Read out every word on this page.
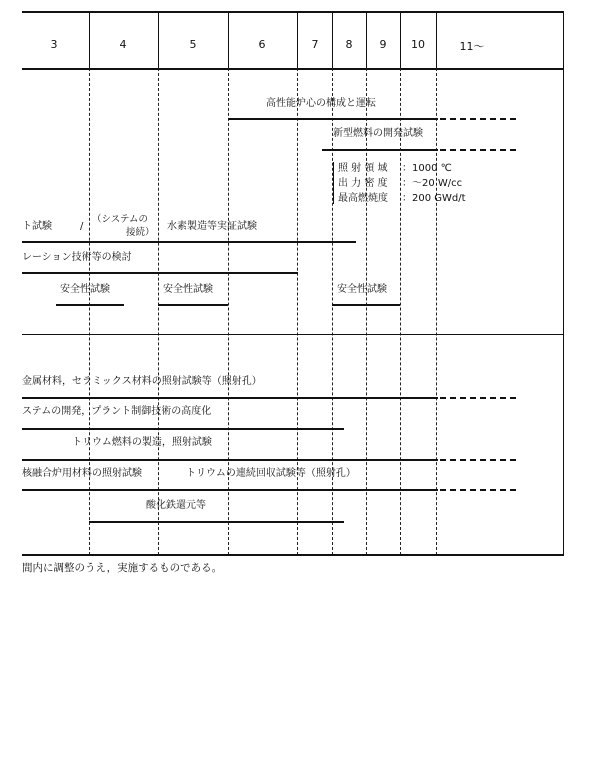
3	4	5	6	7	8	9	10	11～
高性能炉心の構成と運転
新型燃料の開発試験
照 射 領 域 ：1000 ℃
出 力 密 度 ：～20 W/cc
最高燃焼度 ：200 GWd/t
ト試験	/
（システムの
接続）
水素製造等実証試験
レーション技術等の検討
安全性試験	安全性試験	安全性試験
金属材料，セラミックス材料の照射試験等（照射孔）
ステムの開発，プラント制御技術の高度化
トリウム燃料の製造，照射試験
核融合炉用材料の照射試験	トリウムの連続回収試験等（照射孔）
酸化鉄還元等
間内に調整のうえ，実施するものである。
